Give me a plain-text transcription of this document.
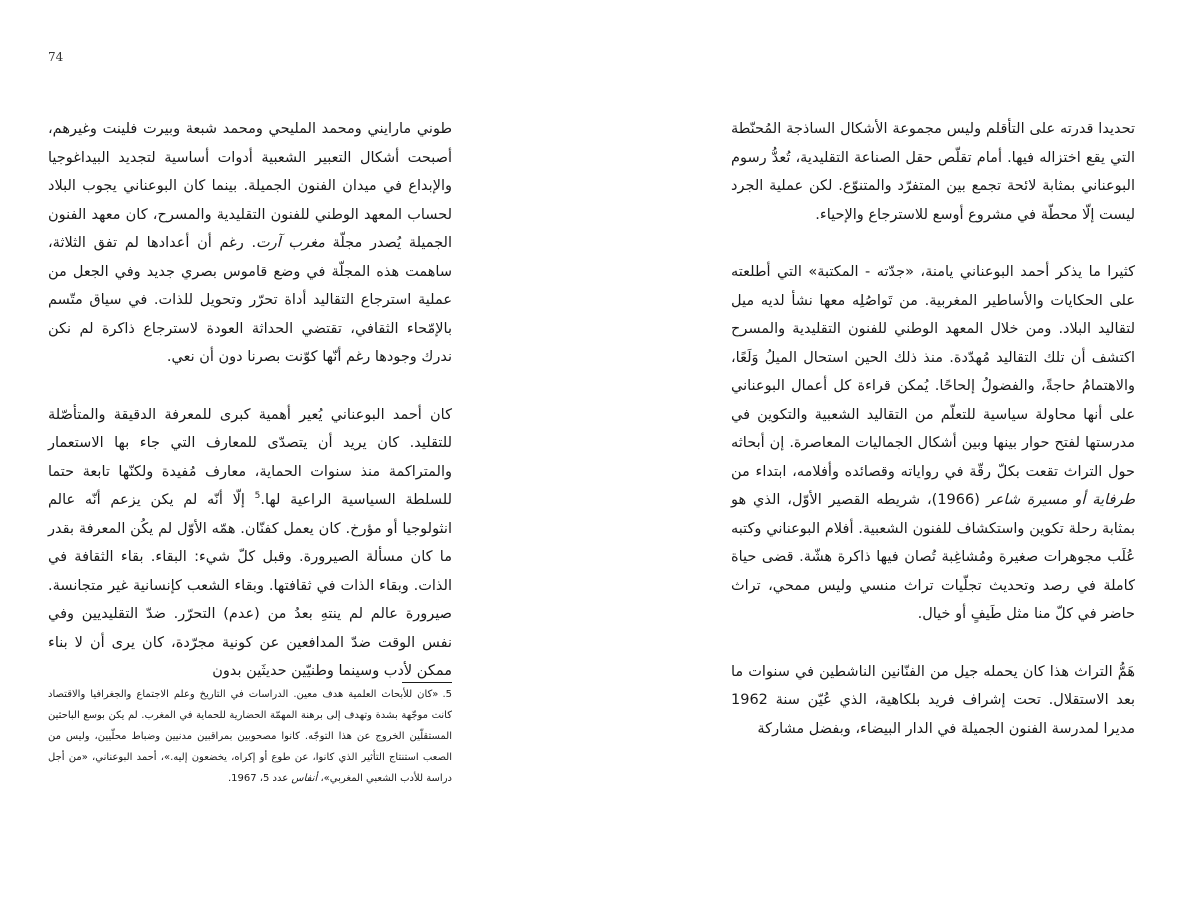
74

تحديدا قدرته على التأقلم وليس مجموعة الأشكال الساذجة المُحنّطة التي يقع اختزاله فيها. أمام تقلّص حقل الصناعة التقليدية، تُعدُّ رسوم البوعناني بمثابة لائحة تجمع بين المتفرّد والمتنوّع. لكن عملية الجرد ليست إلّا محطّة في مشروع أوسع للاسترجاع والإحياء.

كثيرا ما يذكر أحمد البوعناني يامنة، «جدّته - المكتبة» التي أطلعته على الحكايات والأساطير المغربية. من تَواصُلِه معها نشأ لديه ميل لتقاليد البلاد. ومن خلال المعهد الوطني للفنون التقليدية والمسرح اكتشف أن تلك التقاليد مُهدّدة. منذ ذلك الحين استحال الميلُ وَلَعًا، والاهتمامُ حاجةً، والفضولُ إلحاحًا. يُمكن قراءة كل أعمال البوعناني على أنها محاولة سياسية للتعلّم من التقاليد الشعبية والتكوين في مدرستها لفتح حوار بينها وبين أشكال الجماليات المعاصرة. إن أبحاثه حول التراث تقعت بكلّ رقّة في رواياته وقصائده وأفلامه، ابتداء من طرفاية أو مسيرة شاعر (1966)، شريطه القصير الأوّل، الذي هو بمثابة رحلة تكوين واستكشاف للفنون الشعبية. أفلام البوعناني وكتبه عُلَب مجوهرات صغيرة ومُشاغِبة تُصان فيها ذاكرة هشّة. قضى حياة كاملة في رصد وتحديث تجلّيات تراث منسي وليس ممحي، تراث حاضر في كلّ منا مثل طَيفٍ أو خيال.

هَمُّ التراث هذا كان يحمله جيل من الفنّانين الناشطين في سنوات ما بعد الاستقلال. تحت إشراف فريد بلكاهية، الذي عُيّن سنة 1962 مديرا لمدرسة الفنون الجميلة في الدار البيضاء، وبفضل مشاركة

طوني مارايني ومحمد المليحي ومحمد شبعة وبيرت فلينت وغيرهم، أصبحت أشكال التعبير الشعبية أدوات أساسية لتجديد البيداغوجيا والإبداع في ميدان الفنون الجميلة. بينما كان البوعناني يجوب البلاد لحساب المعهد الوطني للفنون التقليدية والمسرح، كان معهد الفنون الجميلة يُصدر مجلّة مغرب آرت. رغم أن أعدادها لم تفق الثلاثة، ساهمت هذه المجلّة في وضع قاموس بصري جديد وفي الجعل من عملية استرجاع التقاليد أداة تحرّر وتحويل للذات. في سياق متّسم بالإمّحاء الثقافي، تقتضي الحداثة العودة لاسترجاع ذاكرة لم نكن ندرك وجودها رغم أنّها كوّنت بصرنا دون أن نعي.

كان أحمد البوعناني يُعير أهمية كبرى للمعرفة الدقيقة والمتأصّلة للتقليد. كان يريد أن يتصدّى للمعارف التي جاء بها الاستعمار والمتراكمة منذ سنوات الحماية، معارف مُفيدة ولكنّها تابعة حتما للسلطة السياسية الراعية لها.$^5$ إلّا أنّه لم يكن يزعم أنّه عالم انثولوجيا أو مؤرخ. كان يعمل كفنّان. همّه الأوّل لم يكُن المعرفة بقدر ما كان مسألة الصيرورة. وقبل كلّ شيء: البقاء. بقاء الثقافة في الذات. وبقاء الذات في ثقافتها. وبقاء الشعب كإنسانية غير متجانسة. صيرورة عالم لم ينتهِ بعدُ من (عدم) التحرّر. ضدّ التقليديين وفي نفس الوقت ضدّ المدافعين عن كونية مجرّدة، كان يرى أن لا بناء ممكن لأدب وسينما وطنيّين حديثَين بدون

5.«كان للأبحاث العلمية هدف معين. الدراسات في التاريخ وعلم الاجتماع والجغرافيا والاقتصاد كانت موجّهة بشدة وتهدف إلى برهنة المهمّة الحضارية للحماية في المغرب. لم يكن بوسع الباحثين المستقلّين الخروج عن هذا التوجّه. كانوا مصحوبين بمراقبين مدنيين وضباط محلّيين، وليس من الصعب استنتاج التأثير الذي كانوا، عن طوع أو إكراه، يخضعون إليه.»، أحمد البوعناني، «من أجل دراسة للأدب الشعبي المغربي»، أنفاس عدد 5، 1967.
